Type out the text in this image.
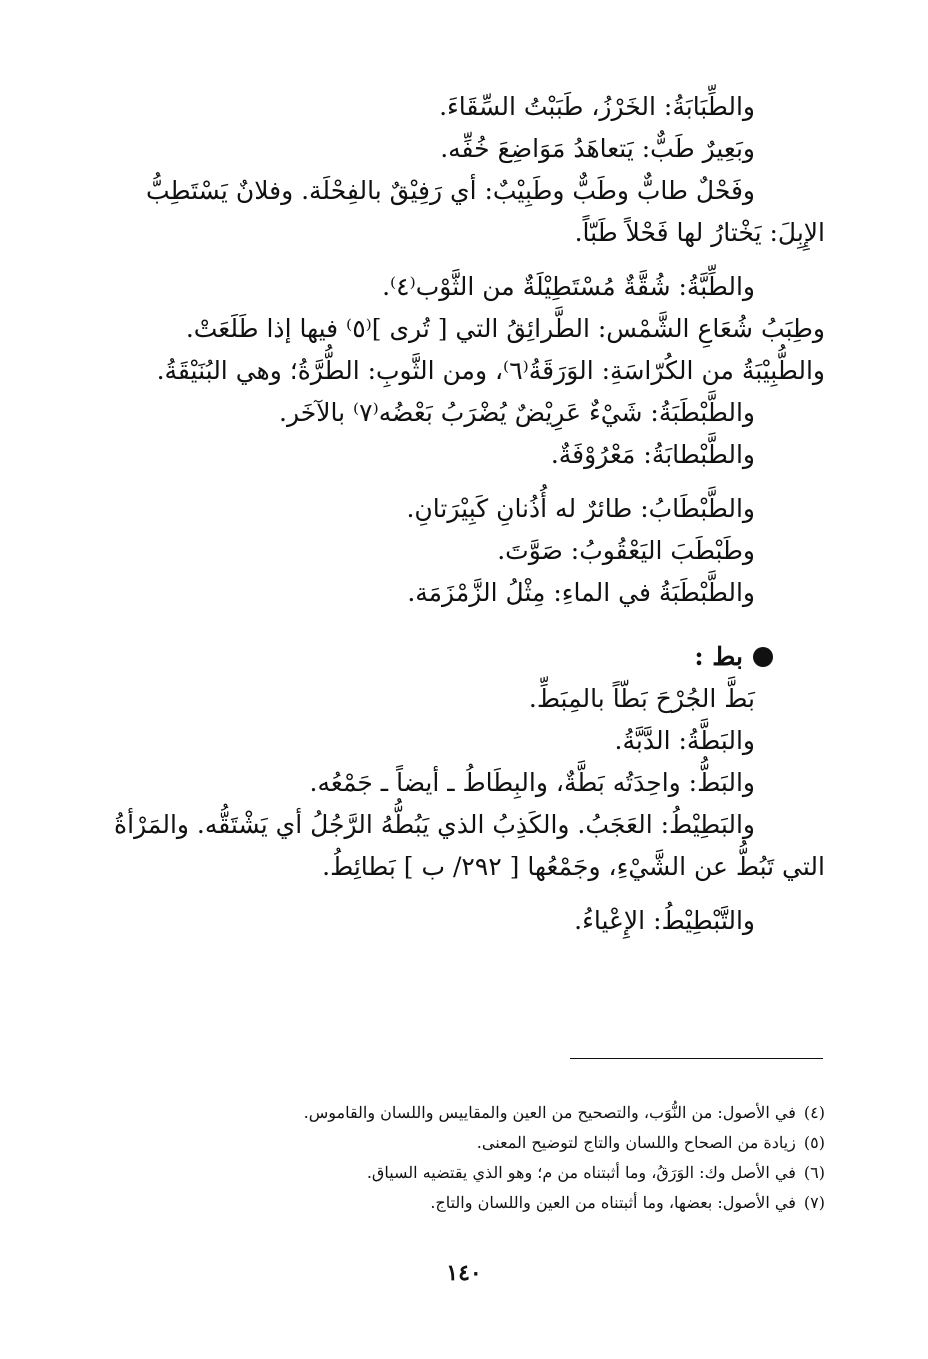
والطِّبَابَةُ: الخَرْزُ، طَبَبْتُ السِّقَاءَ.

وبَعِيرٌ طَبٌّ: يَتعاهَدُ مَوَاضِعَ خُفِّه.

وفَحْلٌ طابٌّ وطَبٌّ وطَبِيْبٌ: أي رَفِيْقٌ بالفِحْلَة. وفلانٌ يَسْتَطِبُّ الإِبِلَ: يَخْتارُ لها فَحْلاً طَبّاً.

والطِّبَّةُ: شُقَّةٌ مُسْتَطِيْلَةٌ من الثَّوْب⁽٤⁾.

وطِبَبُ شُعَاعِ الشَّمْس: الطَّرائِقُ التي [ تُرى ]⁽٥⁾ فيها إذا طَلَعَتْ.

والطُّبِيْبَةُ من الكُرّاسَةِ: الوَرَقَةُ⁽٦⁾، ومن الثَّوبِ: الطُّرَّةُ؛ وهي البُنَيْقَةُ.

والطَّبْطَبَةُ: شَيْءٌ عَرِيْضٌ يُضْرَبُ بَعْضُه⁽٧⁾ بالآخَر.

والطَّبْطابَةُ: مَعْرُوْفَةٌ.

والطَّبْطَابُ: طائرٌ له أُذُنانِ كَبِيْرَتانِ.

وطَبْطَبَ اليَعْقُوبُ: صَوَّتَ.

والطَّبْطَبَةُ في الماءِ: مِثْلُ الزَّمْزَمَة.

بط :

بَطَّ الجُرْحَ بَطّاً بالمِبَطِّ.

والبَطَّةُ: الدَّبَّةُ.

والبَطُّ: واحِدَتُه بَطَّةٌ، والبِطَاطُ ـ أيضاً ـ جَمْعُه.

والبَطِيْطُ: العَجَبُ. والكَذِبُ الذي يَبُطُّهُ الرَّجُلُ أي يَشْتَقُّه. والمَرْأةُ التي تَبُطُّ عن الشَّيْءِ، وجَمْعُها [ ٢٩٢/ ب ] بَطائِطُ.

والتَّبْطِيْطُ: الإِعْياءُ.

(٤)في الأصول: من النُّوَب، والتصحيح من العين والمقاييس واللسان والقاموس.

(٥)زيادة من الصحاح واللسان والتاج لتوضيح المعنى.

(٦)في الأصل وك: الوَرَقُ، وما أثبتناه من م؛ وهو الذي يقتضيه السياق.

(٧)في الأصول: بعضها، وما أثبتناه من العين واللسان والتاج.

١٤٠
